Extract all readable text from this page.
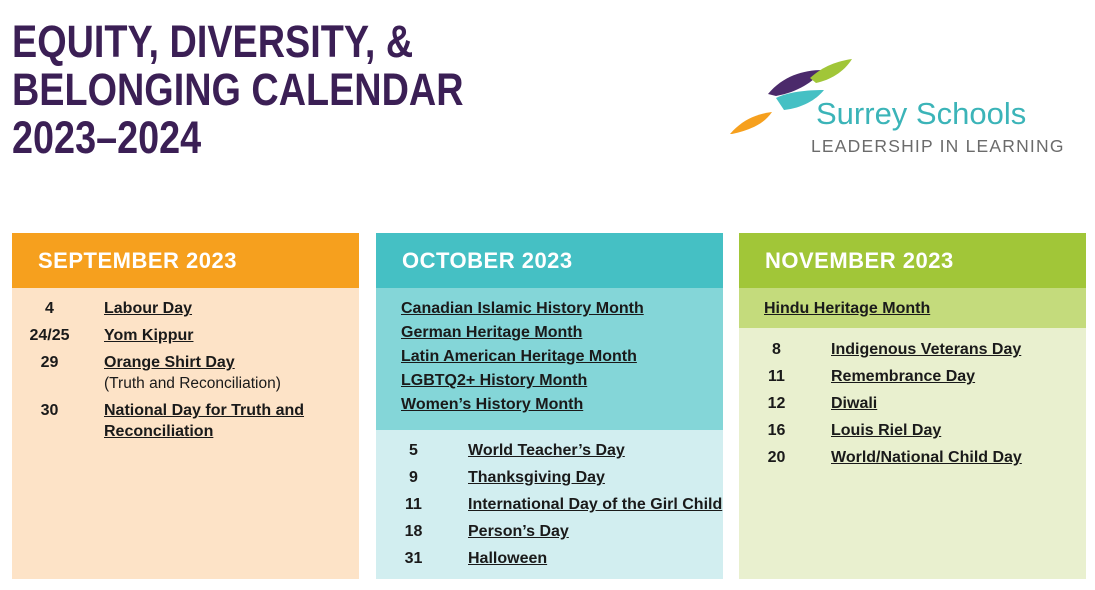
EQUITY, DIVERSITY, &
BELONGING CALENDAR
2023–2024	Surrey Schools
LEADERSHIP IN LEARNING
SEPTEMBER 2023
4	Labour Day
24/25	Yom Kippur
29	Orange Shirt Day
(Truth and Reconciliation)
30	National Day for Truth and
Reconciliation
OCTOBER 2023
Canadian Islamic History Month
German Heritage Month
Latin American Heritage Month
LGBTQ2+ History Month
Women’s History Month
5	World Teacher’s Day
9	Thanksgiving Day
11	International Day of the Girl Child
18	Person’s Day
31	Halloween
NOVEMBER 2023
Hindu Heritage Month
8	Indigenous Veterans Day
11	Remembrance Day
12	Diwali
16	Louis Riel Day
20	World/National Child Day
